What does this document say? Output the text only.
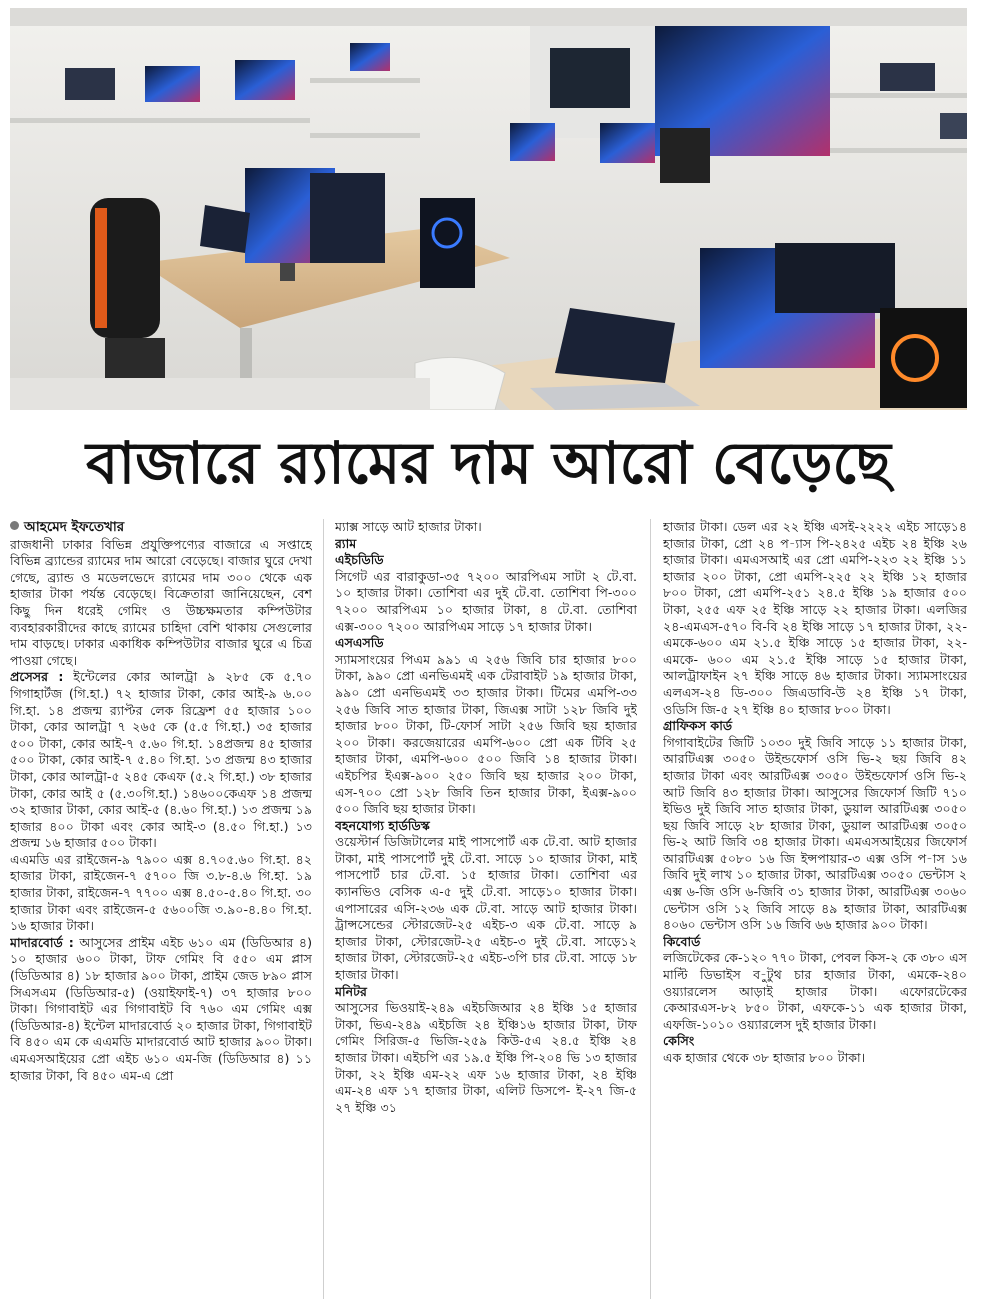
বাজারে র‍্যামের দাম আরো বেড়েছে
আহমেদ ইফতেখার

রাজধানী ঢাকার বিভিন্ন প্রযুক্তিপণ্যের বাজারে এ সপ্তাহে বিভিন্ন ব্র্যান্ডের র‍্যামের দাম আরো বেড়েছে। বাজার ঘুরে দেখা গেছে, ব্র্যান্ড ও মডেলভেদে র‍্যামের দাম ৩০০ থেকে এক হাজার টাকা পর্যন্ত বেড়েছে। বিক্রেতারা জানিয়েছেন, বেশ কিছু দিন ধরেই গেমিং ও উচ্চক্ষমতার কম্পিউটার ব্যবহারকারীদের কাছে র‍্যামের চাহিদা বেশি থাকায় সেগুলোর দাম বাড়ছে। ঢাকার একাধিক কম্পিউটার বাজার ঘুরে এ চিত্র পাওয়া গেছে।

প্রসেসর : ইন্টেলের কোর আলট্রা ৯ ২৮৫ কে ৫.৭০ গিগাহার্টজ (গি.হা.) ৭২ হাজার টাকা, কোর আই-৯ ৬.০০ গি.হা. ১৪ প্রজন্ম র‍্যাপ্টর লেক রিফ্রেশ ৫৫ হাজার ১০০ টাকা, কোর আলট্রা ৭ ২৬৫ কে (৫.৫ গি.হা.) ৩৫ হাজার ৫০০ টাকা, কোর আই-৭ ৫.৬০ গি.হা. ১৪প্রজন্ম ৪৫ হাজার ৫০০ টাকা, কোর আই-৭ ৫.৪০ গি.হা. ১৩ প্রজন্ম ৪৩ হাজার টাকা, কোর আলট্রা-৫ ২৪৫ কেএফ (৫.২ গি.হা.) ৩৮ হাজার টাকা, কোর আই ৫ (৫.৩০গি.হা.) ১৪৬০০কেএফ ১৪ প্রজন্ম ৩২ হাজার টাকা, কোর আই-৫ (৪.৬০ গি.হা.) ১৩ প্রজন্ম ১৯ হাজার ৪০০ টাকা এবং কোর আই-৩ (৪.৫০ গি.হা.) ১৩ প্রজন্ম ১৬ হাজার ৫০০ টাকা।

এএমডি এর রাইজেন-৯ ৭৯০০ এক্স ৪.৭০৫.৬০ গি.হা. ৪২ হাজার টাকা, রাইজেন-৭ ৫৭০০ জি ৩.৮-৪.৬ গি.হা. ১৯ হাজার টাকা, রাইজেন-৭ ৭৭০০ এক্স ৪.৫০-৫.৪০ গি.হা. ৩০ হাজার টাকা এবং রাইজেন-৫ ৫৬০০জি ৩.৯০-৪.৪০ গি.হা. ১৬ হাজার টাকা।

মাদারবোর্ড : আসুসের প্রাইম এইচ ৬১০ এম (ডিডিআর ৪) ১০ হাজার ৬০০ টাকা, টাফ গেমিং বি ৫৫০ এম প্লাস (ডিডিআর ৪) ১৮ হাজার ৯০০ টাকা, প্রাইম জেড ৮৯০ প্লাস সিএসএম (ডিডিআর-৫) (ওয়াইফাই-৭) ৩৭ হাজার ৮০০ টাকা। গিগাবাইট এর গিগাবাইট বি ৭৬০ এম গেমিং এক্স (ডিডিআর-৪) ইন্টেল মাদারবোর্ড ২০ হাজার টাকা, গিগাবাইট বি ৪৫০ এম কে এএমডি মাদারবোর্ড আট হাজার ৯০০ টাকা। এমএসআইয়ের প্রো এইচ ৬১০ এম-জি (ডিডিআর ৪) ১১ হাজার টাকা, বি ৪৫০ এম-এ প্রো

ম্যাক্স সাড়ে আট হাজার টাকা।

র‍্যাম

এইচডিডি

সিগেট এর বারাকুডা-৩৫ ৭২০০ আরপিএম সাটা ২ টে.বা. ১০ হাজার টাকা। তোশিবা এর দুই টে.বা. তোশিবা পি-৩০০ ৭২০০ আরপিএম ১০ হাজার টাকা, ৪ টে.বা. তোশিবা এক্স-৩০০ ৭২০০ আরপিএম সাড়ে ১৭ হাজার টাকা।

এসএসডি

স্যামসাংয়ের পিএম ৯৯১ এ ২৫৬ জিবি চার হাজার ৮০০ টাকা, ৯৯০ প্রো এনভিএমই এক টেরাবাইট ১৯ হাজার টাকা, ৯৯০ প্রো এনভিএমই ৩৩ হাজার টাকা। টিমের এমপি-৩৩ ২৫৬ জিবি সাত হাজার টাকা, জিএক্স সাটা ১২৮ জিবি দুই হাজার ৮০০ টাকা, টি-ফোর্স সাটা ২৫৬ জিবি ছয় হাজার ২০০ টাকা। করজেয়ারের এমপি-৬০০ প্রো এক টিবি ২৫ হাজার টাকা, এমপি-৬০০ ৫০০ জিবি ১৪ হাজার টাকা। এইচপির ইএক্স-৯০০ ২৫০ জিবি ছয় হাজার ২০০ টাকা, এস-৭০০ প্রো ১২৮ জিবি তিন হাজার টাকা, ইএক্স-৯০০ ৫০০ জিবি ছয় হাজার টাকা।

বহনযোগ্য হার্ডডিস্ক

ওয়েস্টার্ন ডিজিটালের মাই পাসপোর্ট এক টে.বা. আট হাজার টাকা, মাই পাসপোর্ট দুই টে.বা. সাড়ে ১০ হাজার টাকা, মাই পাসপোর্ট চার টে.বা. ১৫ হাজার টাকা। তোশিবা এর ক্যানভিও বেসিক এ-৫ দুই টে.বা. সাড়ে১০ হাজার টাকা। এপাসারের এসি-২৩৬ এক টে.বা. সাড়ে আট হাজার টাকা। ট্রান্সসেন্ডের স্টোরজেট-২৫ এইচ-৩ এক টে.বা. সাড়ে ৯ হাজার টাকা, স্টোরজেট-২৫ এইচ-৩ দুই টে.বা. সাড়ে১২ হাজার টাকা, স্টোরজেট-২৫ এইচ-৩পি চার টে.বা. সাড়ে ১৮ হাজার টাকা।

মনিটর

আসুসের ভিওয়াই-২৪৯ এইচজিআর ২৪ ইঞ্চি ১৫ হাজার টাকা, ভিএ-২৪৯ এইচজি ২৪ ইঞ্চি১৬ হাজার টাকা, টাফ গেমিং সিরিজ-৫ ভিজি-২৫৯ কিউ-৫এ ২৪.৫ ইঞ্চি ২৪ হাজার টাকা। এইচপি এর ১৯.৫ ইঞ্চি পি-২০৪ ভি ১৩ হাজার টাকা, ২২ ইঞ্চি এম-২২ এফ ১৬ হাজার টাকা, ২৪ ইঞ্চি এম-২৪ এফ ১৭ হাজার টাকা, এলিট ডিসপে- ই-২৭ জি-৫ ২৭ ইঞ্চি ৩১

হাজার টাকা। ডেল এর ২২ ইঞ্চি এসই-২২২২ এইচ সাড়ে১৪ হাজার টাকা, প্রো ২৪ প-্যাস পি-২৪২৫ এইচ ২৪ ইঞ্চি ২৬ হাজার টাকা। এমএসআই এর প্রো এমপি-২২৩ ২২ ইঞ্চি ১১ হাজার ২০০ টাকা, প্রো এমপি-২২৫ ২২ ইঞ্চি ১২ হাজার ৮০০ টাকা, প্রো এমপি-২৫১ ২৪.৫ ইঞ্চি ১৯ হাজার ৫০০ টাকা, ২৫৫ এফ ২৫ ইঞ্চি সাড়ে ২২ হাজার টাকা। এলজির ২৪-এমএস-৫৭০ বি-বি ২৪ ইঞ্চি সাড়ে ১৭ হাজার টাকা, ২২-এমকে-৬০০ এম ২১.৫ ইঞ্চি সাড়ে ১৫ হাজার টাকা, ২২-এমকে- ৬০০ এম ২১.৫ ইঞ্চি সাড়ে ১৫ হাজার টাকা, আলট্রাফাইন ২৭ ইঞ্চি সাড়ে ৪৬ হাজার টাকা। স্যামসাংয়ের এলএস-২৪ ডি-৩০০ জিএডাবি-উ ২৪ ইঞ্চি ১৭ টাকা, ওডিসি জি-৫ ২৭ ইঞ্চি ৪০ হাজার ৮০০ টাকা।

গ্রাফিকস কার্ড

গিগাবাইটের জিটি ১০৩০ দুই জিবি সাড়ে ১১ হাজার টাকা, আরটিএক্স ৩০৫০ উইন্ডফোর্স ওসি ভি-২ ছয় জিবি ৪২ হাজার টাকা এবং আরটিএক্স ৩০৫০ উইন্ডফোর্স ওসি ভি-২ আট জিবি ৪৩ হাজার টাকা। আসুসের জিফোর্স জিটি ৭১০ ইভিও দুই জিবি সাত হাজার টাকা, ডুয়াল আরটিএক্স ৩০৫০ ছয় জিবি সাড়ে ২৮ হাজার টাকা, ডুয়াল আরটিএক্স ৩০৫০ ভি-২ আট জিবি ৩৪ হাজার টাকা। এমএসআইয়ের জিফোর্স আরটিএক্স ৫০৮০ ১৬ জি ইন্সপায়ার-৩ এক্স ওসি প-াস ১৬ জিবি দুই লাখ ১০ হাজার টাকা, আরটিএক্স ৩০৫০ ভেন্টাস ২ এক্স ৬-জি ওসি ৬-জিবি ৩১ হাজার টাকা, আরটিএক্স ৩০৬০ ভেন্টাস ওসি ১২ জিবি সাড়ে ৪৯ হাজার টাকা, আরটিএক্স ৪০৬০ ভেন্টাস ওসি ১৬ জিবি ৬৬ হাজার ৯০০ টাকা।

কিবোর্ড

লজিটেকের কে-১২০ ৭৭০ টাকা, পেবল কিস-২ কে ৩৮০ এস মাল্টি ডিভাইস ব-ুটুথ চার হাজার টাকা, এমকে-২৪০ ওয়্যারলেস আড়াই হাজার টাকা। এফোরটেকের কেআরএস-৮২ ৮৫০ টাকা, এফকে-১১ এক হাজার টাকা, এফজি-১০১০ ওয়্যারলেস দুই হাজার টাকা।

কেসিং

এক হাজার থেকে ৩৮ হাজার ৮০০ টাকা।
